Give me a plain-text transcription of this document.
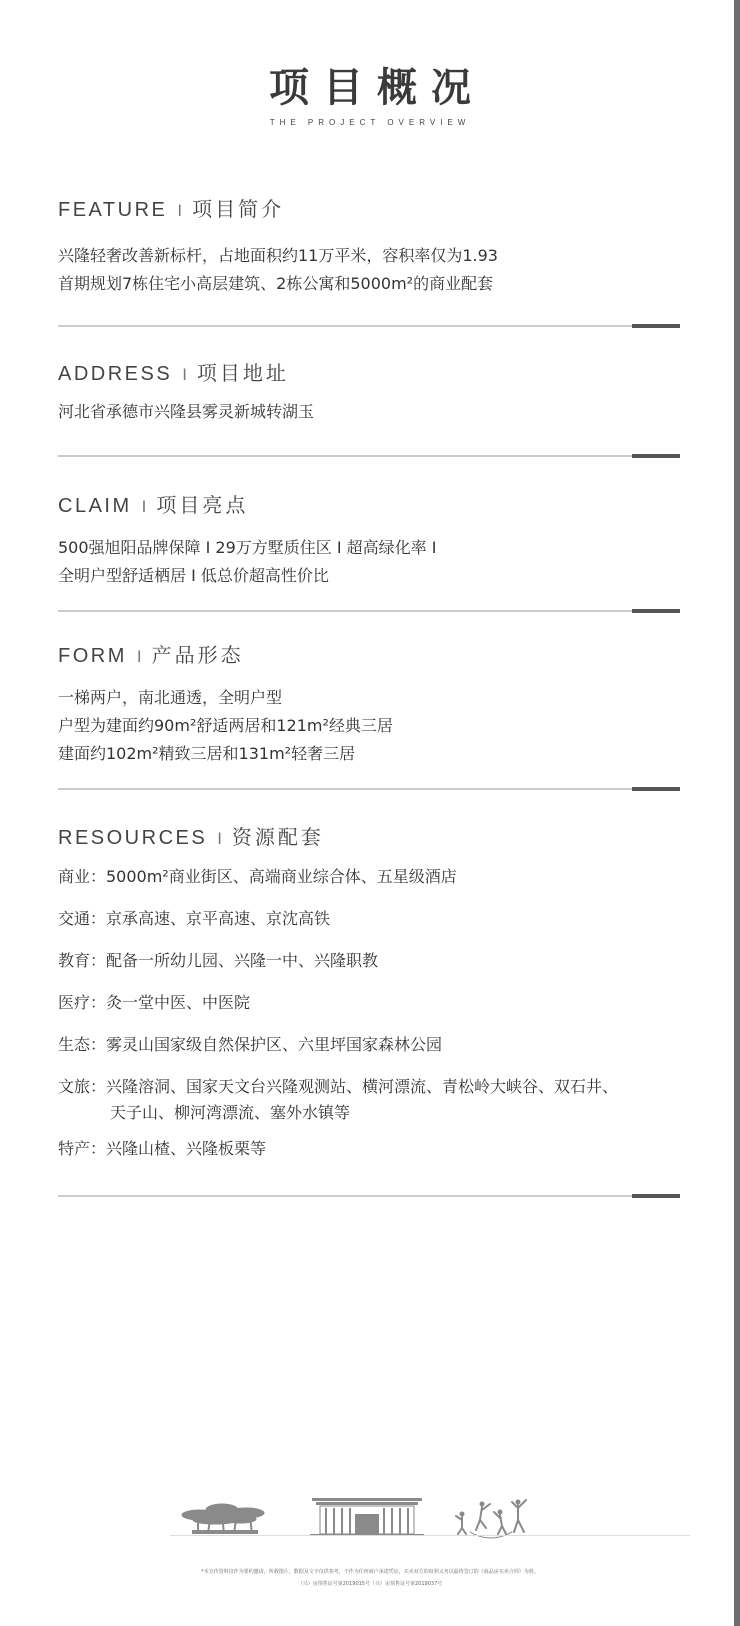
项目概况
THE PROJECT OVERVIEW
FEATURE I 项目简介
兴隆轻奢改善新标杆，占地面积约11万平米，容积率仅为1.93
首期规划7栋住宅小高层建筑、2栋公寓和5000m²的商业配套
ADDRESS I 项目地址
河北省承德市兴隆县雾灵新城转湖玉
CLAIM I 项目亮点
500强旭阳品牌保障 I 29万方墅质住区 I 超高绿化率 I
全明户型舒适栖居 I 低总价超高性价比
FORM I 产品形态
一梯两户，南北通透，全明户型
户型为建面约90m²舒适两居和121m²经典三居
建面约102m²精致三居和131m²轻奢三居
RESOURCES I 资源配套
商业：5000m²商业街区、高端商业综合体、五星级酒店
交通：京承高速、京平高速、京沈高铁
教育：配备一所幼儿园、兴隆一中、兴隆职教
医疗：灸一堂中医、中医院
生态：雾灵山国家级自然保护区、六里坪国家森林公园
文旅：兴隆溶洞、国家天文台兴隆观测站、横河漂流、青松岭大峡谷、双石井、
天子山、柳河湾漂流、塞外水镇等
特产：兴隆山楂、兴隆板栗等
*本宣传资料仅作为要约邀请，所载图片、数据及文字仅供参考，不作为任何商户承诺凭证，买卖双方的权利义务以最终签订的《商品房买卖合同》为准。
（兴）房预售证号第2019015号（兴）房预售证号第2019037号
